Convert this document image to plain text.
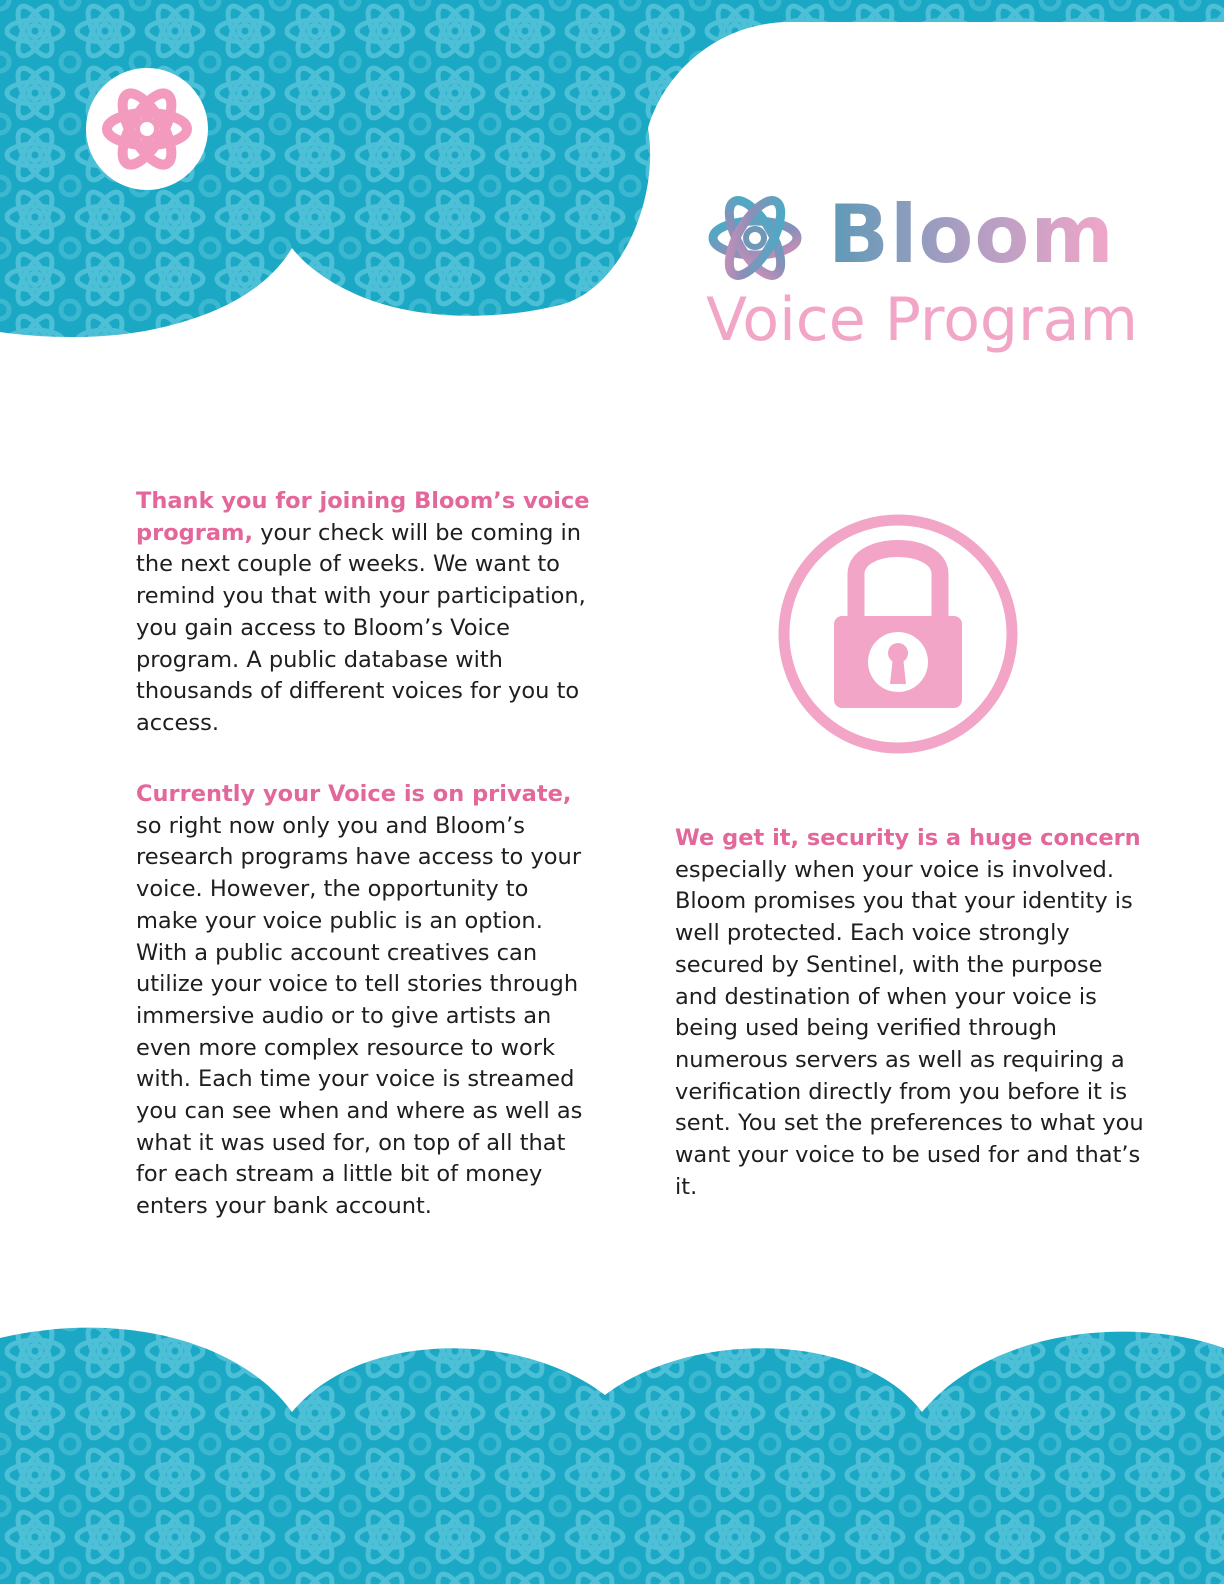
Bloom
Voice Program

Thank you for joining Bloom’s voice program, your check will be coming in the next couple of weeks. We want to remind you that with your participation, you gain access to Bloom’s Voice program. A public database with thousands of different voices for you to access.

Currently your Voice is on private, so right now only you and Bloom’s research programs have access to your voice. However, the opportunity to make your voice public is an option. With a public account creatives can utilize your voice to tell stories through immersive audio or to give artists an even more complex resource to work with. Each time your voice is streamed you can see when and where as well as what it was used for, on top of all that for each stream a little bit of money enters your bank account.

We get it, security is a huge concern especially when your voice is involved. Bloom promises you that your identity is well protected. Each voice strongly secured by Sentinel, with the purpose and destination of when your voice is being used being verified through numerous servers as well as requiring a verification directly from you before it is sent. You set the preferences to what you want your voice to be used for and that’s it.
